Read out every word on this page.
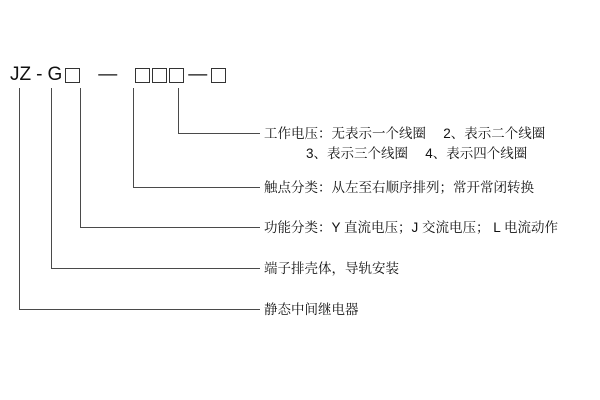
JZ - G —	—
工作电压：无表示一个线圈　 2、表示二个线圈
3、表示三个线圈　 4、表示四个线圈
触点分类：从左至右顺序排列；常开常闭转换
功能分类：Y 直流电压；J 交流电压； L 电流动作
端子排壳体，导轨安装
静态中间继电器
